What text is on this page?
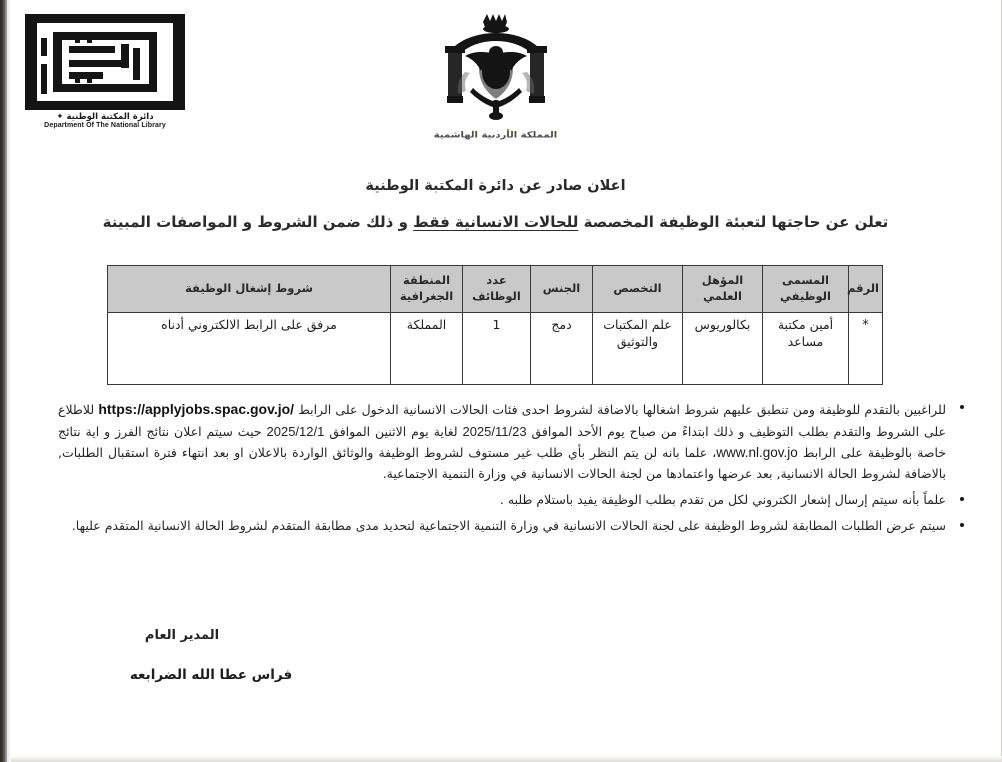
دائرة المكتبة الوطنية ✦
Department Of The National Library
المملكة الأردنية الهاشمية
اعلان صادر عن دائرة المكتبة الوطنية
تعلن عن حاجتها لتعبئة الوظيفة المخصصة للحالات الانسانية فقط و ذلك ضمن الشروط و المواصفات المبينة
الرقم	المسمى الوظيفي	المؤهل العلمي	التخصص	الجنس	عدد الوظائف	المنطقة الجغرافية	شروط إشغال الوظيفة
*	أمين مكتبة مساعد	بكالوريوس	علم المكتبات والتوثيق	دمج	1	المملكة	مرفق على الرابط الالكتروني أدناه
للراغبين بالتقدم للوظيفة ومن تنطبق عليهم شروط اشغالها بالاضافة لشروط احدى فئات الحالات الانسانية الدخول على الرابط https://applyjobs.spac.gov.jo/ للاطلاع على الشروط والتقدم بطلب التوظيف و ذلك ابتداءً من صباح يوم الأحد الموافق 2025/11/23 لغاية يوم الاثنين الموافق 2025/12/1 حيث سيتم اعلان نتائج الفرز و اية نتائج خاصة بالوظيفة على الرابط www.nl.gov.jo، علما بانه لن يتم النظر بأي طلب غير مستوف لشروط الوظيفة والوثائق الواردة بالاعلان او بعد انتهاء فترة استقبال الطلبات, بالاضافة لشروط الحالة الانسانية, بعد عرضها واعتمادها من لجنة الحالات الانسانية في وزارة التنمية الاجتماعية.
علماً بأنه سيتم إرسال إشعار الكتروني لكل من تقدم بطلب الوظيفة يفيد باستلام طلبه .
سيتم عرض الطلبات المطابقة لشروط الوظيفة على لجنة الحالات الانسانية في وزارة التنمية الاجتماعية لتحديد مدى مطابقة المتقدم لشروط الحالة الانسانية المتقدم عليها.
المدير العام
فراس عطا الله الضرابعه
